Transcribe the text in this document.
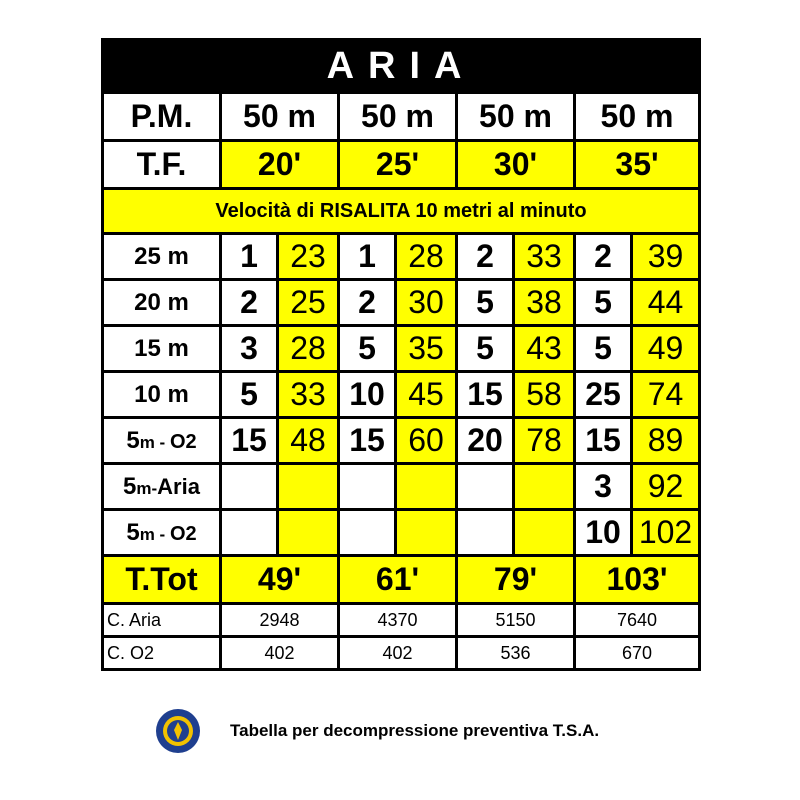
ARIA								
P.M.	50 m		50 m		50 m		50 m	
T.F.	20'		25'		30'		35'	
Velocità di RISALITA 10 metri al minuto								
25 m	1	23	1	28	2	33	2	39
20 m	2	25	2	30	5	38	5	44
15 m	3	28	5	35	5	43	5	49
10 m	5	33	10	45	15	58	25	74
5m - O2	15	48	15	60	20	78	15	89
5m-Aria							3	92
5m - O2							10	102
T.Tot	49'		61'		79'		103'	
C. Aria	2948		4370		5150		7640	
C. O2	402		402		536		670	
Tabella per decompressione preventiva T.S.A.
